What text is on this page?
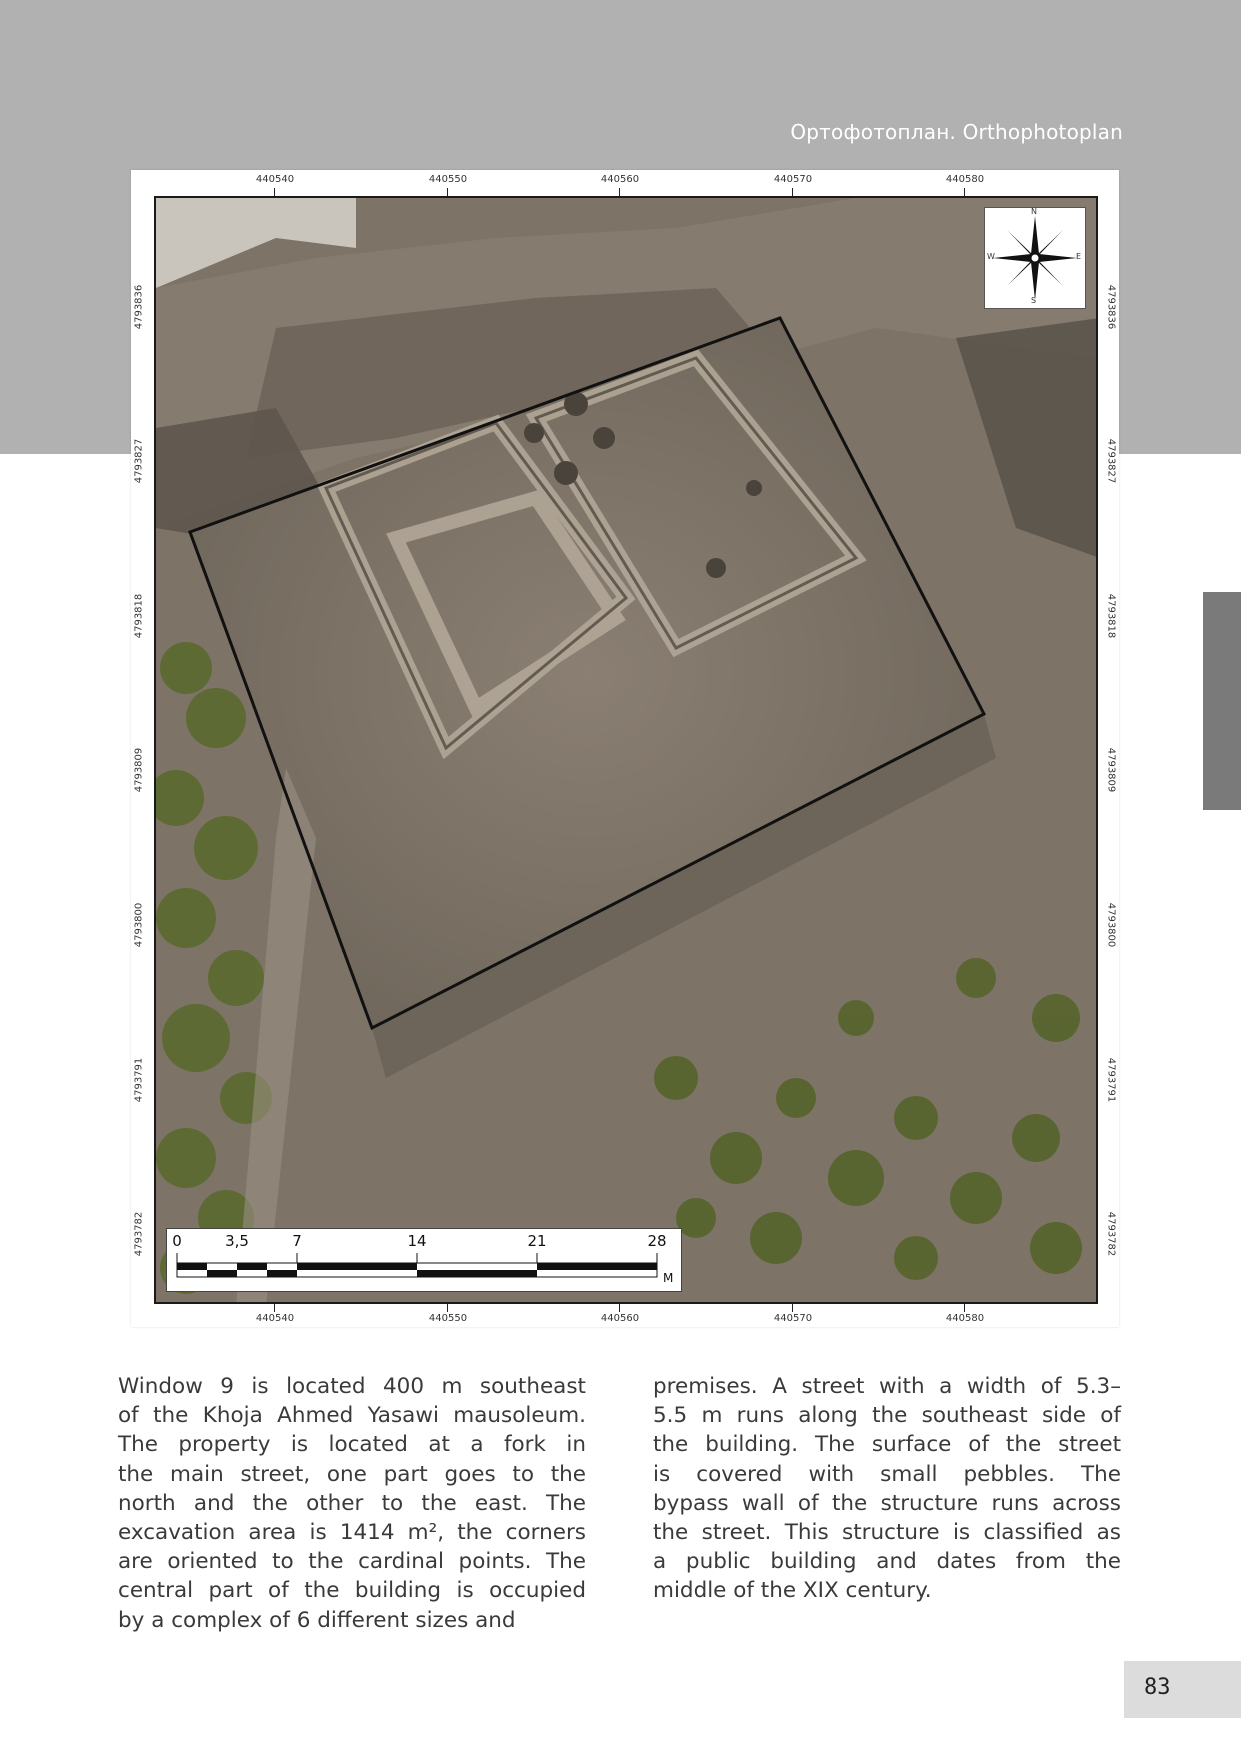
Ортофотоплан. Orthophotoplan
440540	440550	440560	440570	440580
440540	440550	440560	440570	440580
4793836
4793827
4793818
4793809
4793800
4793791
4793782
4793836
4793827
4793818
4793809
4793800
4793791
4793782
N
S
E
W
0	3,5	7	14	21	28
M
Window 9 is located 400 m southeast
of the Khoja Ahmed Yasawi mausoleum.
The property is located at a fork in
the main street, one part goes to the
north and the other to the east. The
excavation area is 1414 m², the corners
are oriented to the cardinal points. The
central part of the building is occupied
by a complex of 6 different sizes and
premises. A street with a width of 5.3–
5.5 m runs along the southeast side of
the building. The surface of the street
is covered with small pebbles. The
bypass wall of the structure runs across
the street. This structure is classified as
a public building and dates from the
middle of the XIX century.
83
